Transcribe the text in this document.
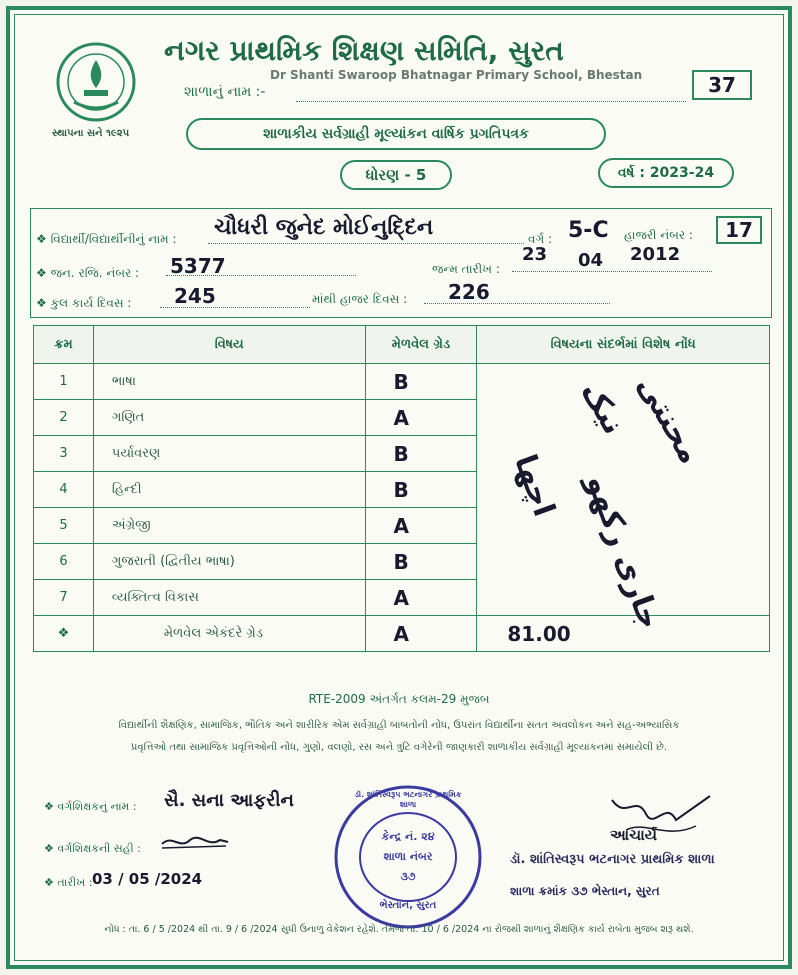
સ્થાપના સને ૧૯૨૫
નગર પ્રાથમિક શિક્ષણ સમિતિ, સુરત
શાળાનું નામ :-
Dr Shanti Swaroop Bhatnagar Primary School, Bhestan	37
શાળાકીય સર્વગ્રાહી મૂલ્યાંકન વાર્ષિક પ્રગતિપત્રક
ધોરણ - 5	વર્ષ : 2023-24
❖ વિદ્યાર્થી/વિદ્યાર્થીનીનું નામ : ચૌધરી જુનેદ મોઈનુદ્દિન	વર્ગ : 5-C હાજરી નંબર :	17
❖ જન. રજિ. નંબર : 5377	જન્મ તારીખ :
23 04 2012
❖ કુલ કાર્ય દિવસ : 245	માંથી હાજર દિવસ : 226
ક્રમ	વિષય	મેળવેલ ગ્રેડ	વિષયના સંદર્ભમાં વિશેષ નોંધ
1	ભાષા	B	
2	ગણિત	A	
3	પર્યાવરણ	B	
4	હિન્દી	B	
5	અંગ્રેજી	A	
6	ગુજરાતી (દ્વિતીય ભાષા)	B	
7	વ્યક્તિત્વ વિકાસ	A	
❖	મેળવેલ એકંદરે ગ્રેડ	A	81.00
محنتی
نیک
اچھا جاری رکھو
RTE-2009 અંતર્ગત કલમ-29 મુજબ
વિદ્યાર્થીની શૈક્ષણિક, સામાજિક, ભૌતિક અને શારીરિક એમ સર્વગ્રાહી બાબતોની નોંધ, ઉપરાંત વિદ્યાર્થીના સતત અવલોકન અને સહ-અભ્યાસિક
પ્રવૃત્તિઓ તથા સામાજિક પ્રવૃત્તિઓની નોંધ, ગુણો, વલણો, રસ અને ત્રુટિ વગેરેની જાણકારી શાળાકીય સર્વગ્રાહી મૂલ્યાંકનમાં સમાયેલી છે.
❖ વર્ગશિક્ષકનું નામ : સૈ. સના આફરીન
❖ વર્ગશિક્ષકની સહી :
❖ તારીખ : 03 / 05 /2024
ડૉ. શાંતિસ્વરૂપ ભટનાગર પ્રાથમિક શાળા
કેન્દ્ર નં. ૨૪
શાળા નંબર
૩૭
ભેસ્તાન, સુરત
આચાર્ય
ડૉ. શાંતિસ્વરૂપ ભટનાગર પ્રાથમિક શાળા
શાળા ક્રમાંક ૩૭ ભેસ્તાન, સુરત
નોંધ : તા. 6 / 5 /2024 થી તા. 9 / 6 /2024 સુધી ઉનાળુ વેકેશન રહેશે. તેમજ તા. 10 / 6 /2024 ના રોજથી શાળાનું શૈક્ષણિક કાર્ય રાબેતા મુજબ શરૂ થશે.
